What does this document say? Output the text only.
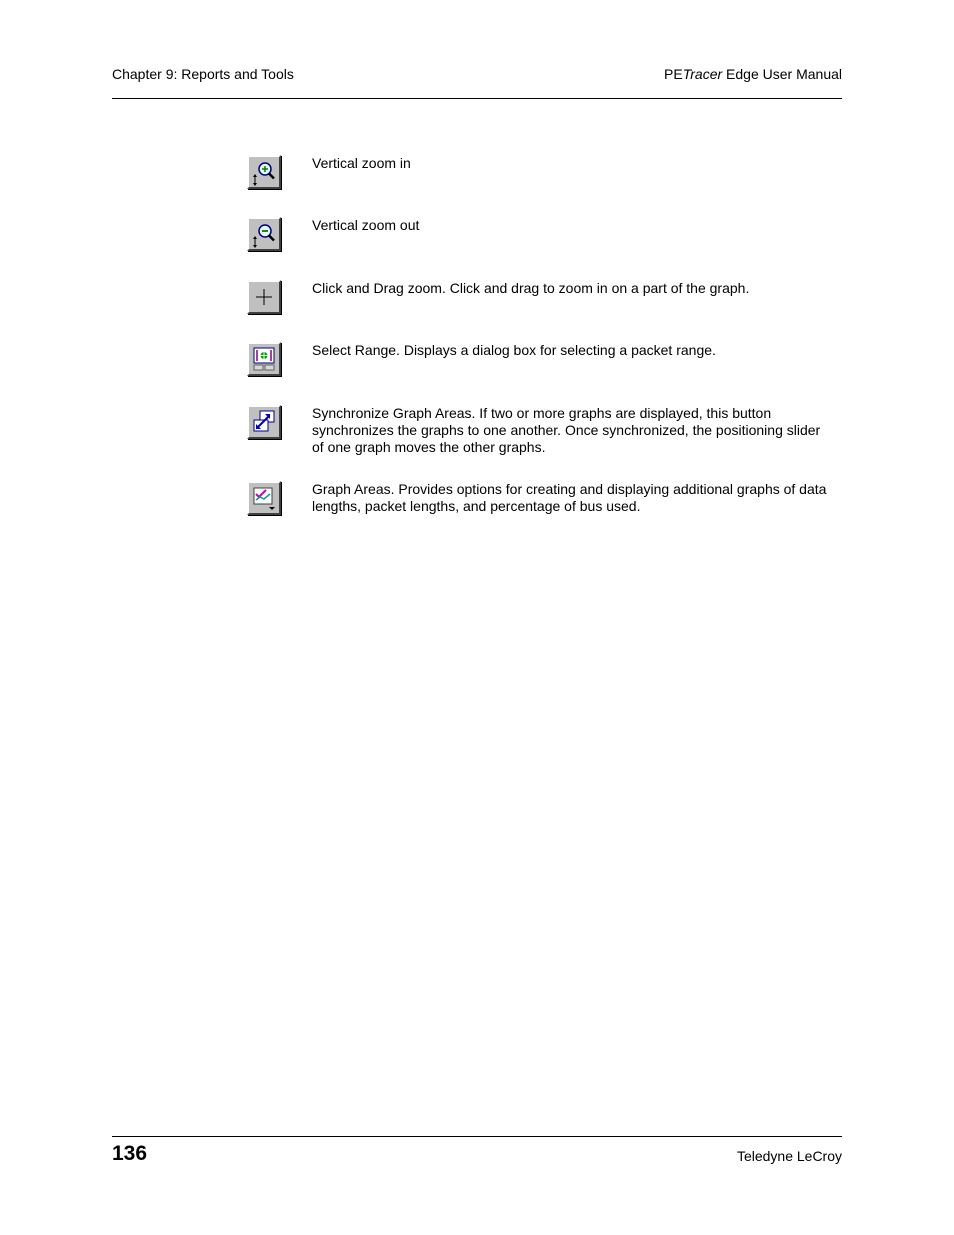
Chapter 9: Reports and Tools	PETracer Edge User Manual
Vertical zoom in
Vertical zoom out
Click and Drag zoom. Click and drag to zoom in on a part of the graph.
Select Range. Displays a dialog box for selecting a packet range.
Synchronize Graph Areas. If two or more graphs are displayed, this button synchronizes the graphs to one another. Once synchronized, the positioning slider of one graph moves the other graphs.
Graph Areas. Provides options for creating and displaying additional graphs of data lengths, packet lengths, and percentage of bus used.
136	Teledyne LeCroy
